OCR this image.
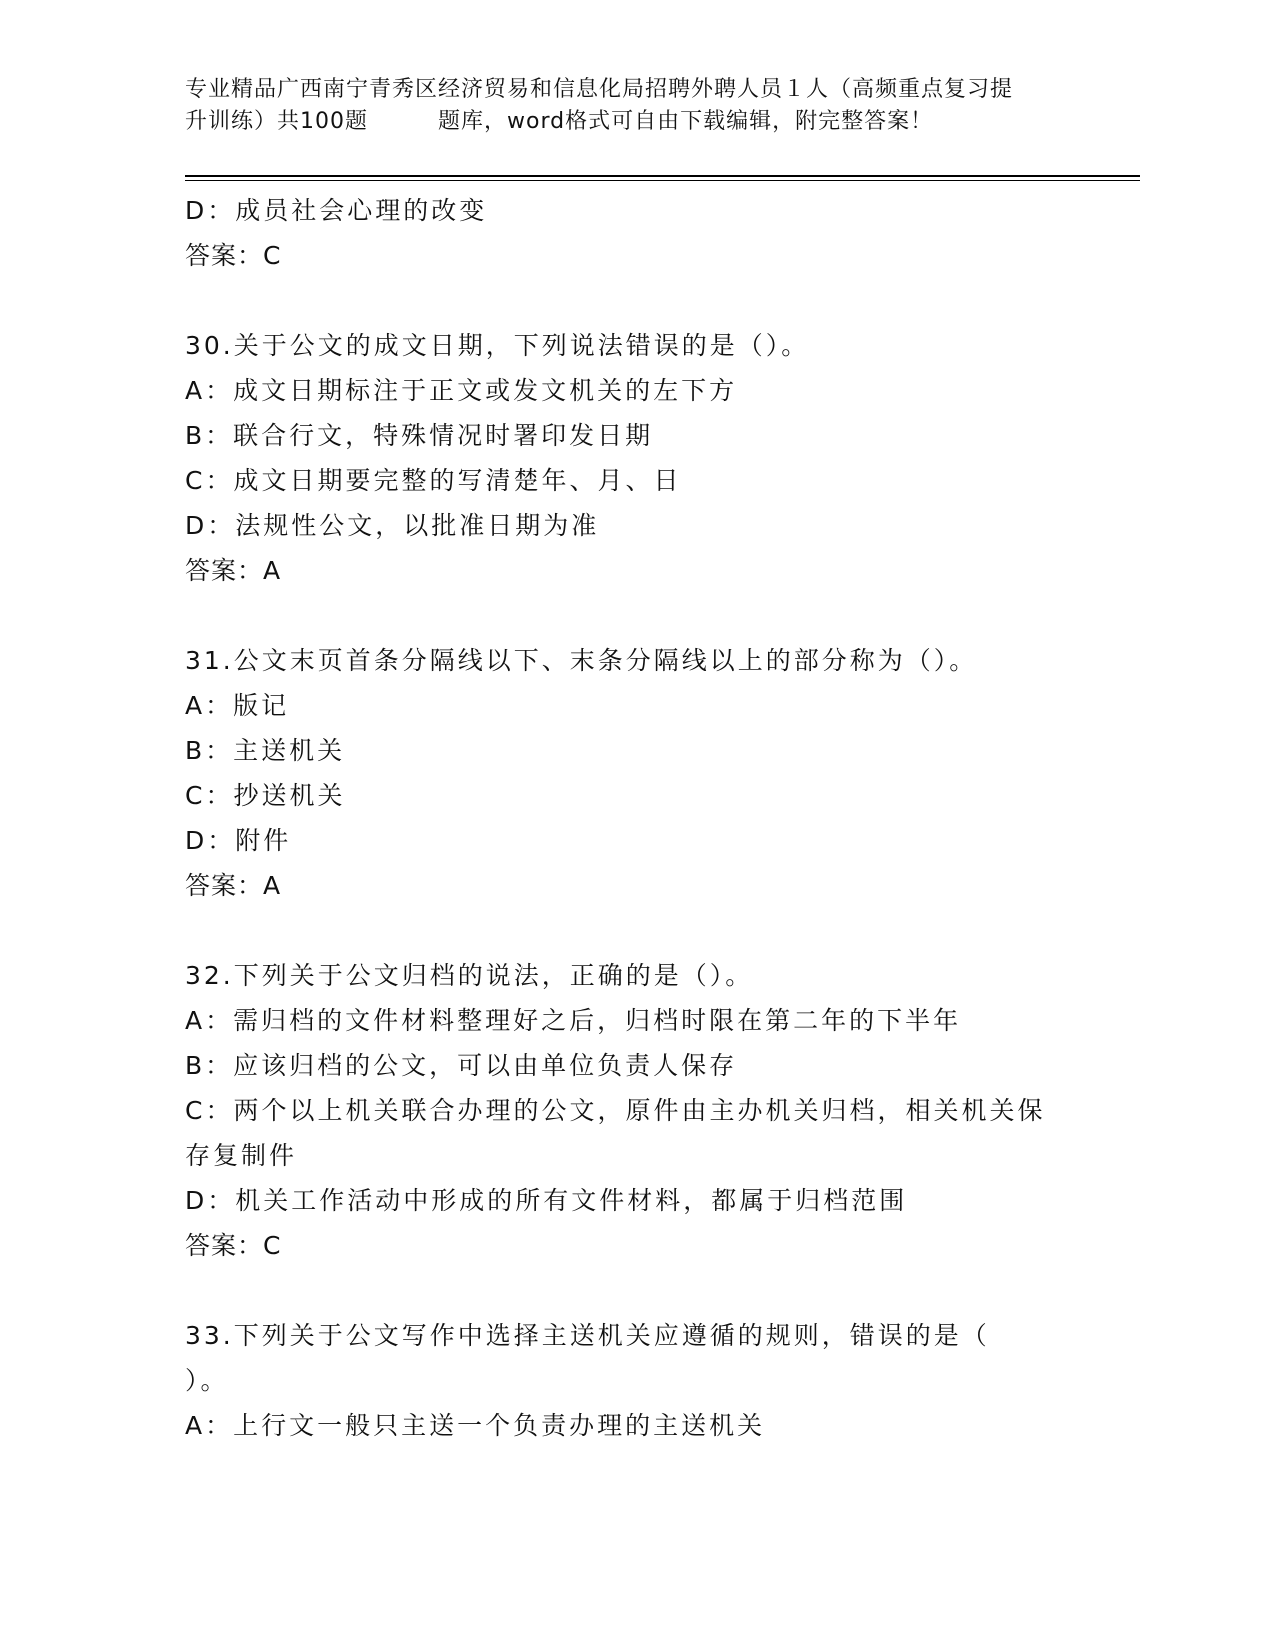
专业精品广西南宁青秀区经济贸易和信息化局招聘外聘人员１人（高频重点复习提
升训练）共100题	题库，word格式可自由下载编辑，附完整答案！
D：成员社会心理的改变
答案：C
30.关于公文的成文日期，下列说法错误的是（）。
A：成文日期标注于正文或发文机关的左下方
B：联合行文，特殊情况时署印发日期
C：成文日期要完整的写清楚年、月、日
D：法规性公文，以批准日期为准
答案：A
31.公文末页首条分隔线以下、末条分隔线以上的部分称为（）。
A：版记
B：主送机关
C：抄送机关
D：附件
答案：A
32.下列关于公文归档的说法，正确的是（）。
A：需归档的文件材料整理好之后，归档时限在第二年的下半年
B：应该归档的公文，可以由单位负责人保存
C：两个以上机关联合办理的公文，原件由主办机关归档，相关机关保
存复制件
D：机关工作活动中形成的所有文件材料，都属于归档范围
答案：C
33.下列关于公文写作中选择主送机关应遵循的规则，错误的是（
）。
A：上行文一般只主送一个负责办理的主送机关
